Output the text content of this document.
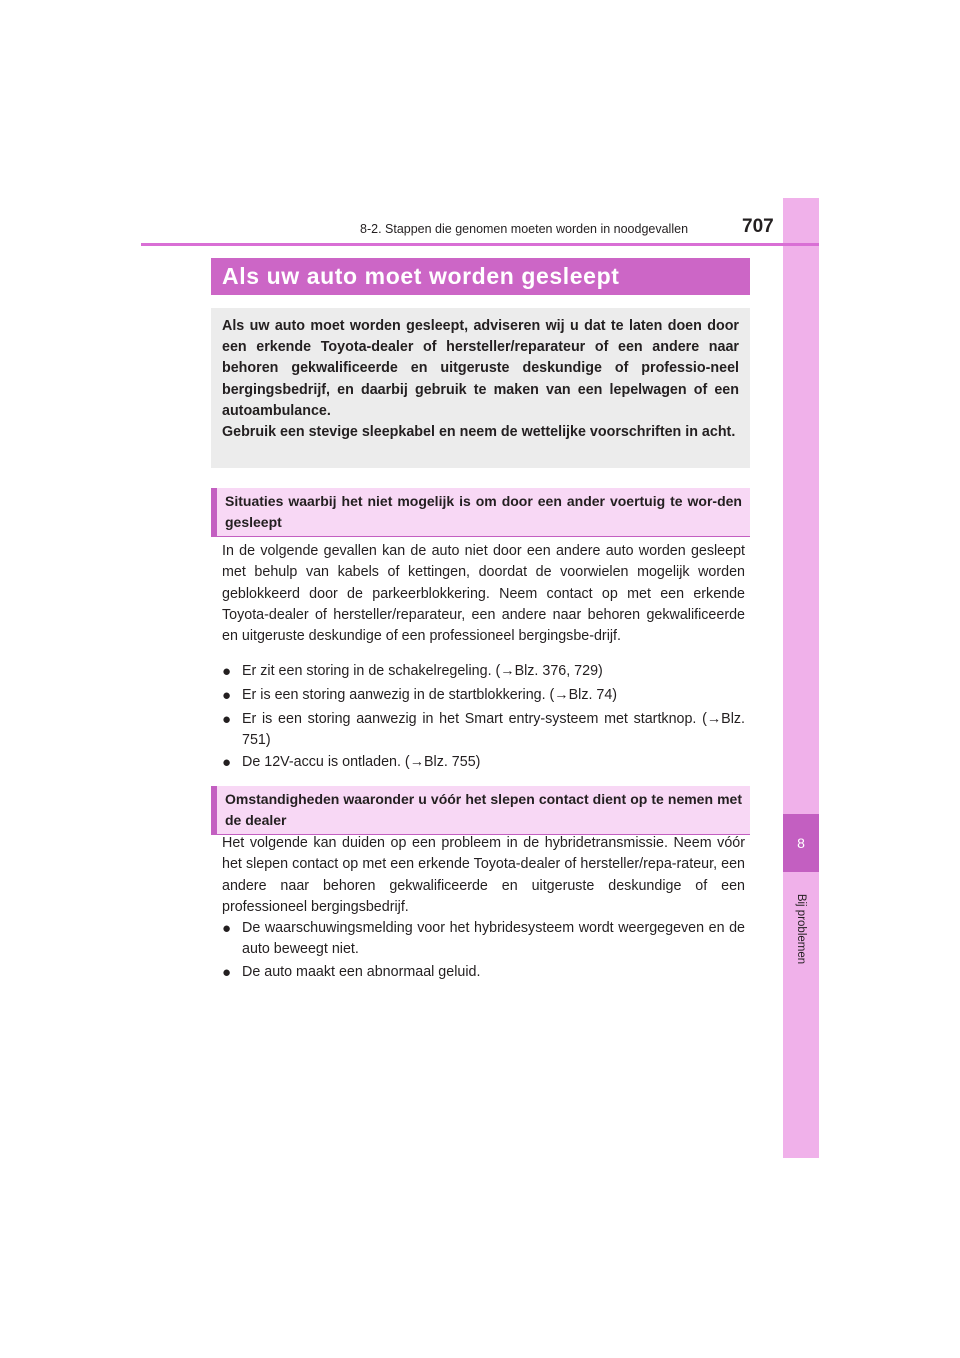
8
Bij problemen
8-2. Stappen die genomen moeten worden in noodgevallen	707
Als uw auto moet worden gesleept

Als uw auto moet worden gesleept, adviseren wij u dat te laten doen door een erkende Toyota-dealer of hersteller/reparateur of een andere naar behoren gekwalificeerde en uitgeruste deskundige of professio-neel bergingsbedrijf, en daarbij gebruik te maken van een lepelwagen of een autoambulance.

Gebruik een stevige sleepkabel en neem de wettelijke voorschriften in acht.

Situaties waarbij het niet mogelijk is om door een ander voertuig te wor-den gesleept

In de volgende gevallen kan de auto niet door een andere auto worden gesleept met behulp van kabels of kettingen, doordat de voorwielen mogelijk worden geblokkeerd door de parkeerblokkering. Neem contact op met een erkende Toyota-dealer of hersteller/reparateur, een andere naar behoren gekwalificeerde en uitgeruste deskundige of een professioneel bergingsbe-drijf.

● Er zit een storing in de schakelregeling. (→Blz. 376, 729)
● Er is een storing aanwezig in de startblokkering. (→Blz. 74)
● Er is een storing aanwezig in het Smart entry-systeem met startknop. (→Blz. 751)
● De 12V-accu is ontladen. (→Blz. 755)
Omstandigheden waaronder u vóór het slepen contact dient op te nemen met de dealer

Het volgende kan duiden op een probleem in de hybridetransmissie. Neem vóór het slepen contact op met een erkende Toyota-dealer of hersteller/repa-rateur, een andere naar behoren gekwalificeerde en uitgeruste deskundige of een professioneel bergingsbedrijf.

● De waarschuwingsmelding voor het hybridesysteem wordt weergegeven en de auto beweegt niet.
● De auto maakt een abnormaal geluid.
